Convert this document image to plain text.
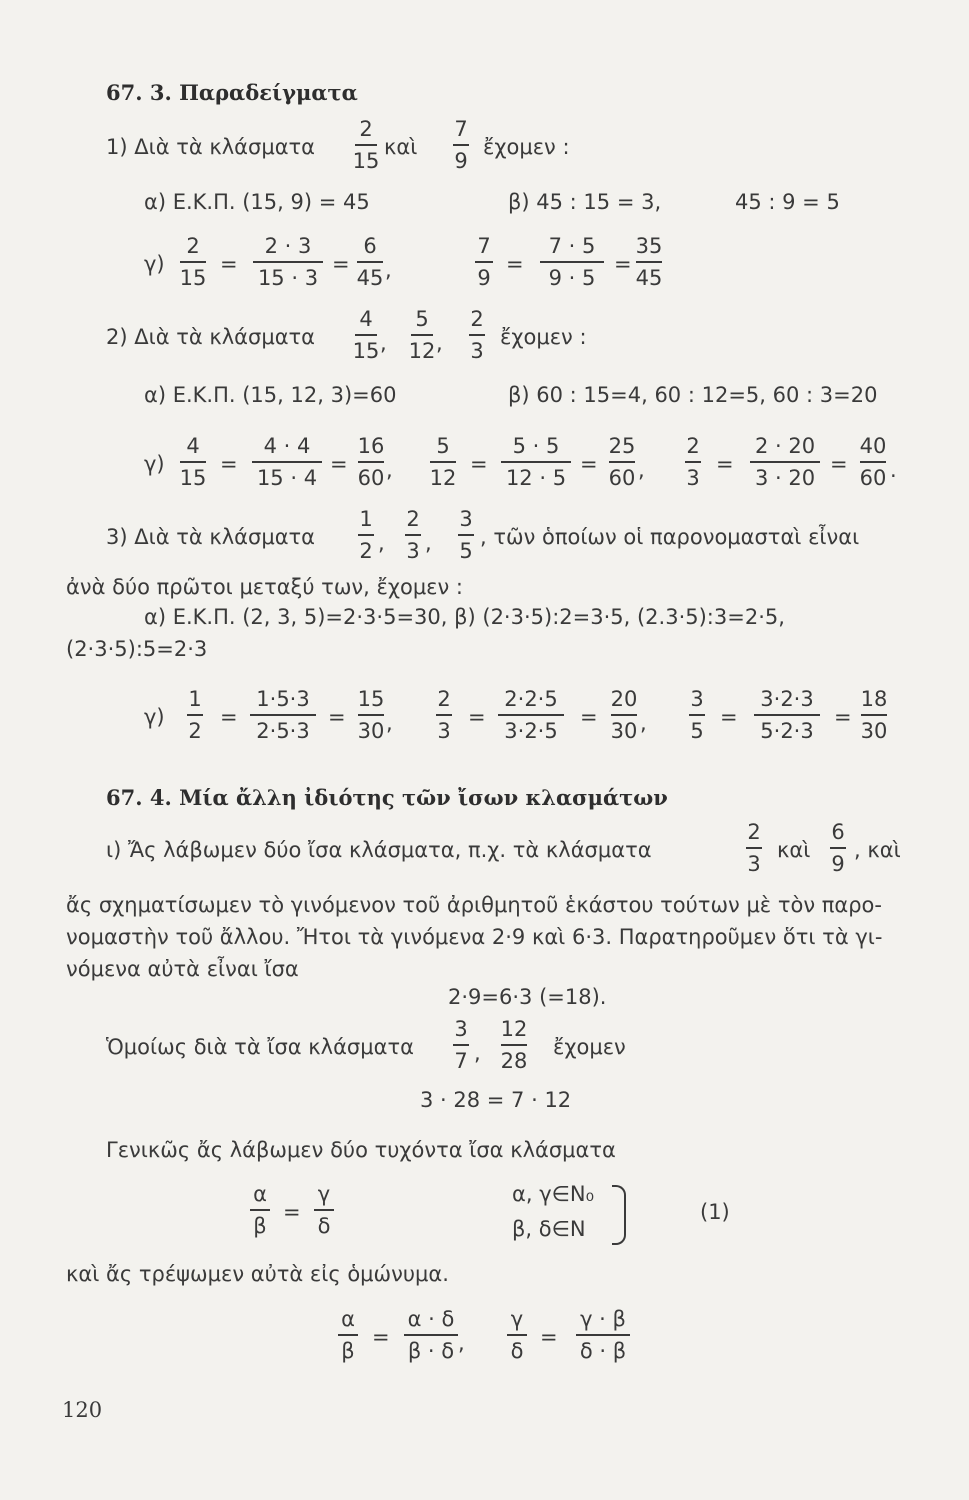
67. 3. Παραδείγματα
1) Διὰ τὰ κλάσματα
2
15
καὶ
7
9
ἔχομεν :
α) Ε.Κ.Π. (15, 9) = 45	β) 45 : 15 = 3,	45 : 9 = 5
γ)
2
15
=
2 · 3
15 · 3
=
6
45 ,
7
9
=
7 · 5
9 · 5
=
35
45
2) Διὰ τὰ κλάσματα
4
15 ,
5
12 ,
2
3
ἔχομεν :
α) Ε.Κ.Π. (15, 12, 3)=60	β) 60 : 15=4, 60 : 12=5, 60 : 3=20
γ)
4
15
=
4 · 4
15 · 4
=
16
60 ,
5
12
=
5 · 5
12 · 5
=
25
60 ,
2
3
=
2 · 20
3 · 20
=
40
60 .
3) Διὰ τὰ κλάσματα
1
2 ,
2
3 ,
3
5
, τῶν ὁποίων οἱ παρονομασταὶ εἶναι
ἀνὰ δύο πρῶτοι μεταξύ των, ἔχομεν :
α) Ε.Κ.Π. (2, 3, 5)=2·3·5=30, β) (2·3·5):2=3·5, (2.3·5):3=2·5,
(2·3·5):5=2·3
γ)
1
2
=
1·5·3
2·5·3
=
15
30 ,
2
3
=
2·2·5
3·2·5
=
20
30 ,
3
5
=
3·2·3
5·2·3
=
18
30
67. 4. Μία ἄλλη ἰδιότης τῶν ἴσων κλασμάτων
ι) Ἄς λάβωμεν δύο ἴσα κλάσματα, π.χ. τὰ κλάσματα
2
3
καὶ
6
9
, καὶ
ἄς σχηματίσωμεν τὸ γινόμενον τοῦ ἀριθμητοῦ ἑκάστου τούτων μὲ τὸν παρο-
νομαστὴν τοῦ ἄλλου. Ἤτοι τὰ γινόμενα 2·9 καὶ 6·3. Παρατηροῦμεν ὅτι τὰ γι-
νόμενα αὐτὰ εἶναι ἴσα
2·9=6·3 (=18).
Ὁμοίως διὰ τὰ ἴσα κλάσματα
3
7 ,
12
28
ἔχομεν
3 · 28 = 7 · 12
Γενικῶς ἄς λάβωμεν δύο τυχόντα ἴσα κλάσματα
α
β
=
γ
δ
α, γ∈N₀
β, δ∈N
(1)
καὶ ἄς τρέψωμεν αὐτὰ εἰς ὁμώνυμα.
α
β
=
α · δ
β · δ ,
γ
δ
=
γ · β
δ · β
120
